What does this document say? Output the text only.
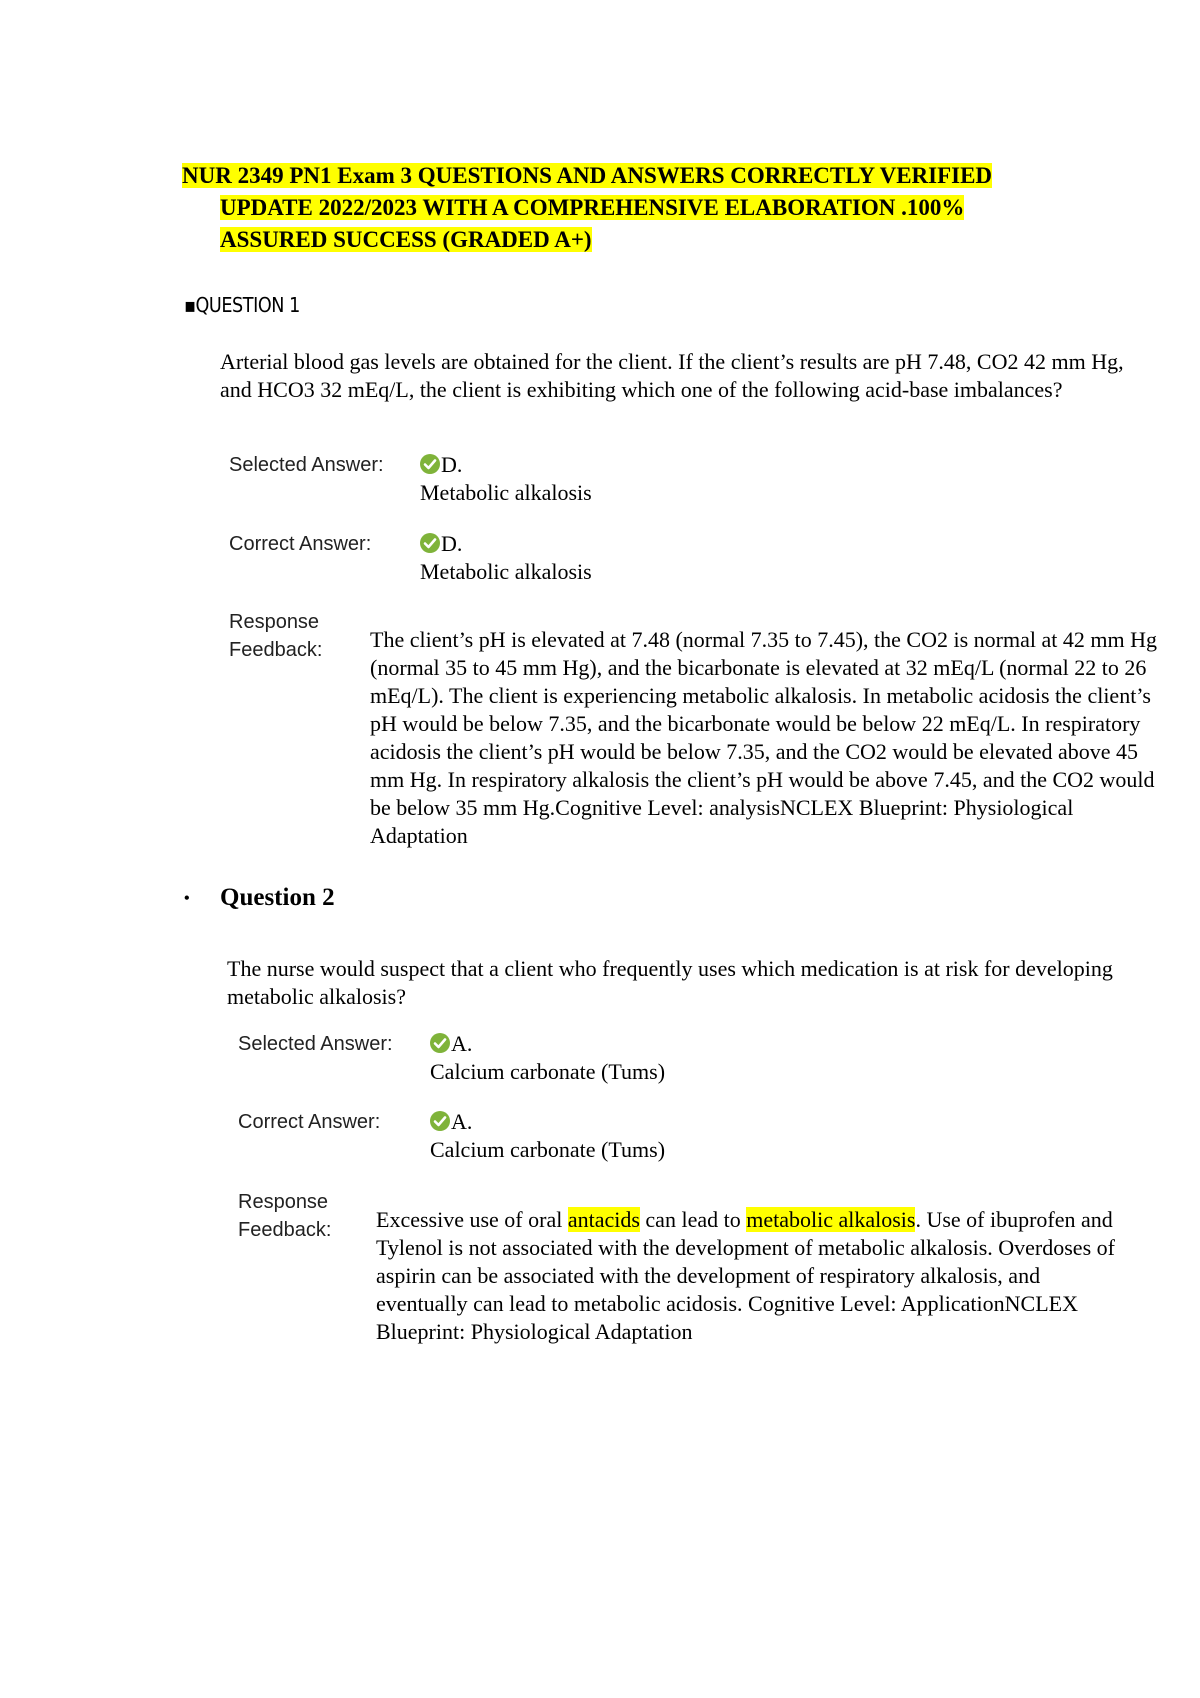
NUR 2349 PN1 Exam 3 QUESTIONS AND ANSWERS CORRECTLY VERIFIED
UPDATE 2022/2023 WITH A COMPREHENSIVE ELABORATION .100%
ASSURED SUCCESS (GRADED A+)
▪QUESTION 1
Arterial blood gas levels are obtained for the client. If the client’s results are pH 7.48, CO2 42 mm Hg, and HCO3 32 mEq/L, the client is exhibiting which one of the following acid-base imbalances?
Selected Answer:	D.
Metabolic alkalosis
Correct Answer:	D.
Metabolic alkalosis
Response
Feedback: The client’s pH is elevated at 7.48 (normal 7.35 to 7.45), the CO2 is normal at 42 mm Hg (normal 35 to 45 mm Hg), and the bicarbonate is elevated at 32 mEq/L (normal 22 to 26 mEq/L). The client is experiencing metabolic alkalosis. In metabolic acidosis the client’s pH would be below 7.35, and the bicarbonate would be below 22 mEq/L. In respiratory acidosis the client’s pH would be below 7.35, and the CO2 would be elevated above 45 mm Hg. In respiratory alkalosis the client’s pH would be above 7.45, and the CO2 would be below 35 mm Hg.Cognitive Level: analysisNCLEX Blueprint: Physiological Adaptation
• Question 2
The nurse would suspect that a client who frequently uses which medication is at risk for developing metabolic alkalosis?
Selected Answer:	A.
Calcium carbonate (Tums)
Correct Answer:	A.
Calcium carbonate (Tums)
Response
Feedback: Excessive use of oral antacids can lead to metabolic alkalosis. Use of ibuprofen and Tylenol is not associated with the development of metabolic alkalosis. Overdoses of aspirin can be associated with the development of respiratory alkalosis, and eventually can lead to metabolic acidosis. Cognitive Level: ApplicationNCLEX Blueprint: Physiological Adaptation
